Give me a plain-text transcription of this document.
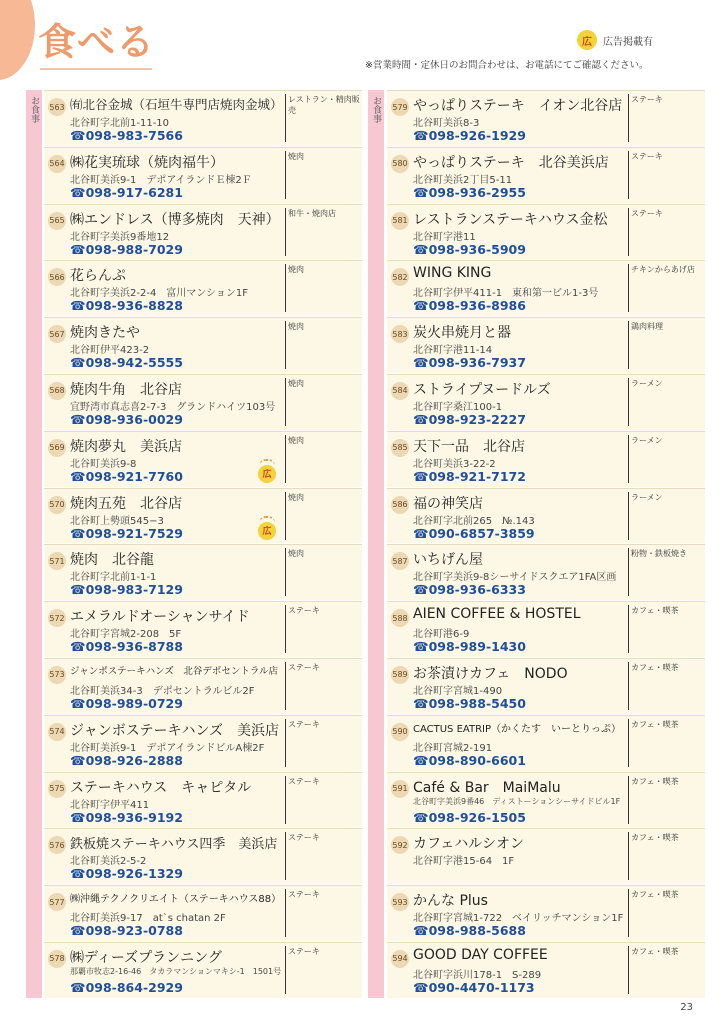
食べる	広	広告掲載有
※営業時間・定休日のお問合わせは、お電話にてご確認ください。
お食事	お食事
563 ㈲北谷金城（石垣牛専門店焼肉金城）
北谷町字北前1-11-10
☎098-983-7566
レストラン・精肉販売
564 ㈱花実琉球（焼肉福牛）
北谷町美浜9-1　デポアイランドＥ棟2Ｆ
☎098-917-6281
焼肉
565 ㈱エンドレス（博多焼肉　天神）
北谷町字美浜9番地12
☎098-988-7029
和牛・焼肉店
566 花らんぷ
北谷町字美浜2-2-4　富川マンション1F
☎098-936-8828
焼肉
567 焼肉きたや
北谷町伊平423-2
☎098-942-5555
焼肉
568 焼肉牛角　北谷店
宜野湾市真志喜2-7-3　グランドハイツ103号
☎098-936-0029
焼肉
569 焼肉夢丸　美浜店
北谷町美浜9-8
☎098-921-7760
焼肉
広
570 焼肉五苑　北谷店
北谷町上勢頭545−3
☎098-921-7529
焼肉
広
571 焼肉　北谷龍
北谷町字北前1-1-1
☎098-983-7129
焼肉
572 エメラルドオーシャンサイド
北谷町字宮城2-208　5F
☎098-936-8788
ステーキ
573 ジャンボステーキハンズ　北谷デポセントラル店
北谷町美浜34-3　デポセントラルビル2F
☎098-989-0729
ステーキ
574 ジャンボステーキハンズ　美浜店
北谷町美浜9-1　デポアイランドビルA棟2F
☎098-926-2888
ステーキ
575 ステーキハウス　キャピタル
北谷町字伊平411
☎098-936-9192
ステーキ
576 鉄板焼ステーキハウス四季　美浜店
北谷町美浜2-5-2
☎098-926-1329
ステーキ
577 ㈱沖縄テクノクリエイト（ステーキハウス88）
北谷町美浜9-17　at`s chatan 2F
☎098-923-0788
ステーキ
578 ㈱ディーズプランニング
那覇市牧志2-16-46　タカラマンションマキシ-1　1501号
☎098-864-2929
ステーキ
579 やっぱりステーキ　イオン北谷店
北谷町美浜8-3
☎098-926-1929
ステーキ
580 やっぱりステーキ　北谷美浜店
北谷町美浜2丁目5-11
☎098-936-2955
ステーキ
581 レストランステーキハウス金松
北谷町字港11
☎098-936-5909
ステーキ
582 WING KING
北谷町字伊平411-1　東和第一ビル1-3号
☎098-936-8986
チキンからあげ店
583 炭火串焼月と器
北谷町字港11-14
☎098-936-7937
鶏肉料理
584 ストライプヌードルズ
北谷町字桑江100-1
☎098-923-2227
ラーメン
585 天下一品　北谷店
北谷町美浜3-22-2
☎098-921-7172
ラーメン
586 福の神笑店
北谷町字北前265　№.143
☎090-6857-3859
ラーメン
587 いちげん屋
北谷町字美浜9-8シーサイドスクエア1FA区画
☎098-936-6333
粉物・鉄板焼き
588 AIEN COFFEE & HOSTEL
北谷町港6-9
☎098-989-1430
カフェ・喫茶
589 お茶漬けカフェ　NODO
北谷町字宮城1-490
☎098-988-5450
カフェ・喫茶
590 CACTUS EATRIP（かくたす　いーとりっぷ）
北谷町宮城2-191
☎098-890-6601
カフェ・喫茶
591 Café & Bar　MaiMalu
北谷町字美浜9番46　ディストーションシーサイドビル1F
☎098-926-1505
カフェ・喫茶
592 カフェハルシオン
北谷町字港15-64　1F
カフェ・喫茶
593 かんな Plus
北谷町字宮城1-722　ベイリッチマンション1F
☎098-988-5688
カフェ・喫茶
594 GOOD DAY COFFEE
北谷町字浜川178-1　S-289
☎090-4470-1173
カフェ・喫茶
23
